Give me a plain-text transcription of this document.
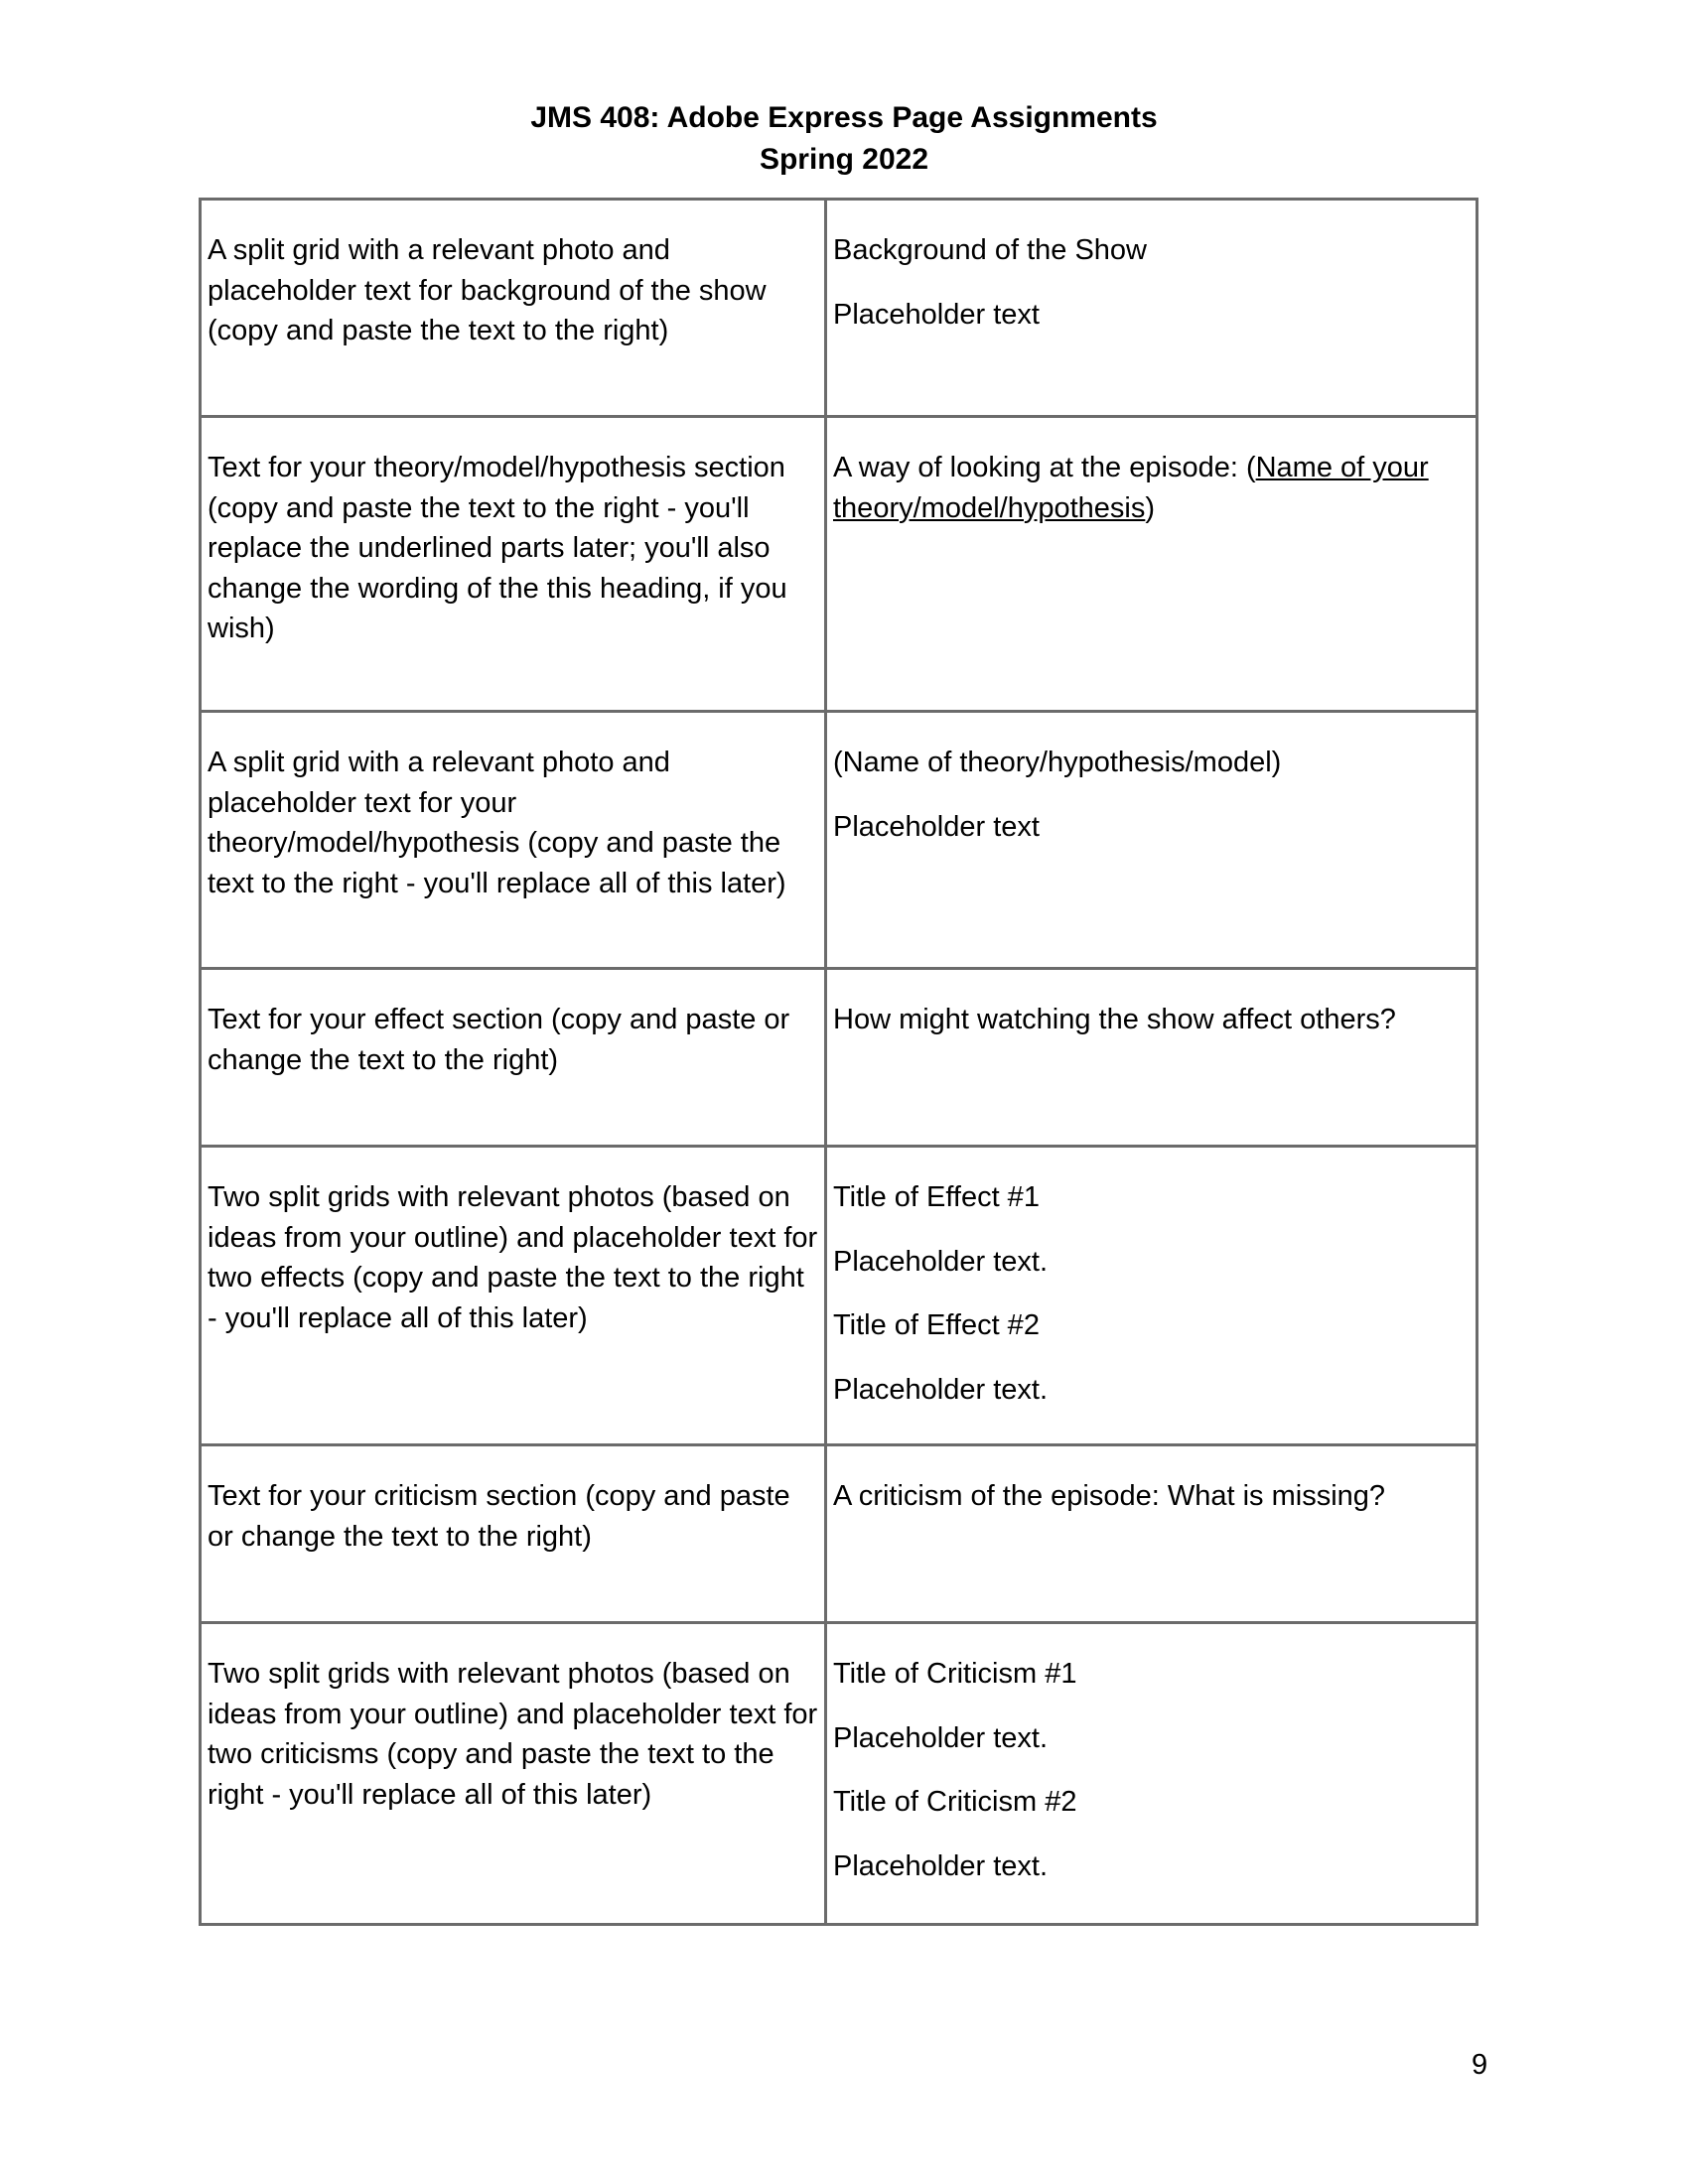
JMS 408: Adobe Express Page Assignments
Spring 2022
A split grid with a relevant photo and placeholder text for background of the show (copy and paste the text to the right)	Background of the Show
Placeholder text

Text for your theory/model/hypothesis section (copy and paste the text to the right - you'll replace the underlined parts later; you'll also change the wording of the this heading, if you wish)	A way of looking at the episode: (Name of your theory/model/hypothesis)

A split grid with a relevant photo and placeholder text for your theory/model/hypothesis (copy and paste the text to the right - you'll replace all of this later)	(Name of theory/hypothesis/model)
Placeholder text

Text for your effect section (copy and paste or change the text to the right)	How might watching the show affect others?

Two split grids with relevant photos (based on ideas from your outline) and placeholder text for two effects (copy and paste the text to the right - you'll replace all of this later)	Title of Effect #1
Placeholder text.
Title of Effect #2
Placeholder text.

Text for your criticism section (copy and paste or change the text to the right)	A criticism of the episode: What is missing?

Two split grids with relevant photos (based on ideas from your outline) and placeholder text for two criticisms (copy and paste the text to the right - you'll replace all of this later)	Title of Criticism #1
Placeholder text.
Title of Criticism #2
Placeholder text.
9
